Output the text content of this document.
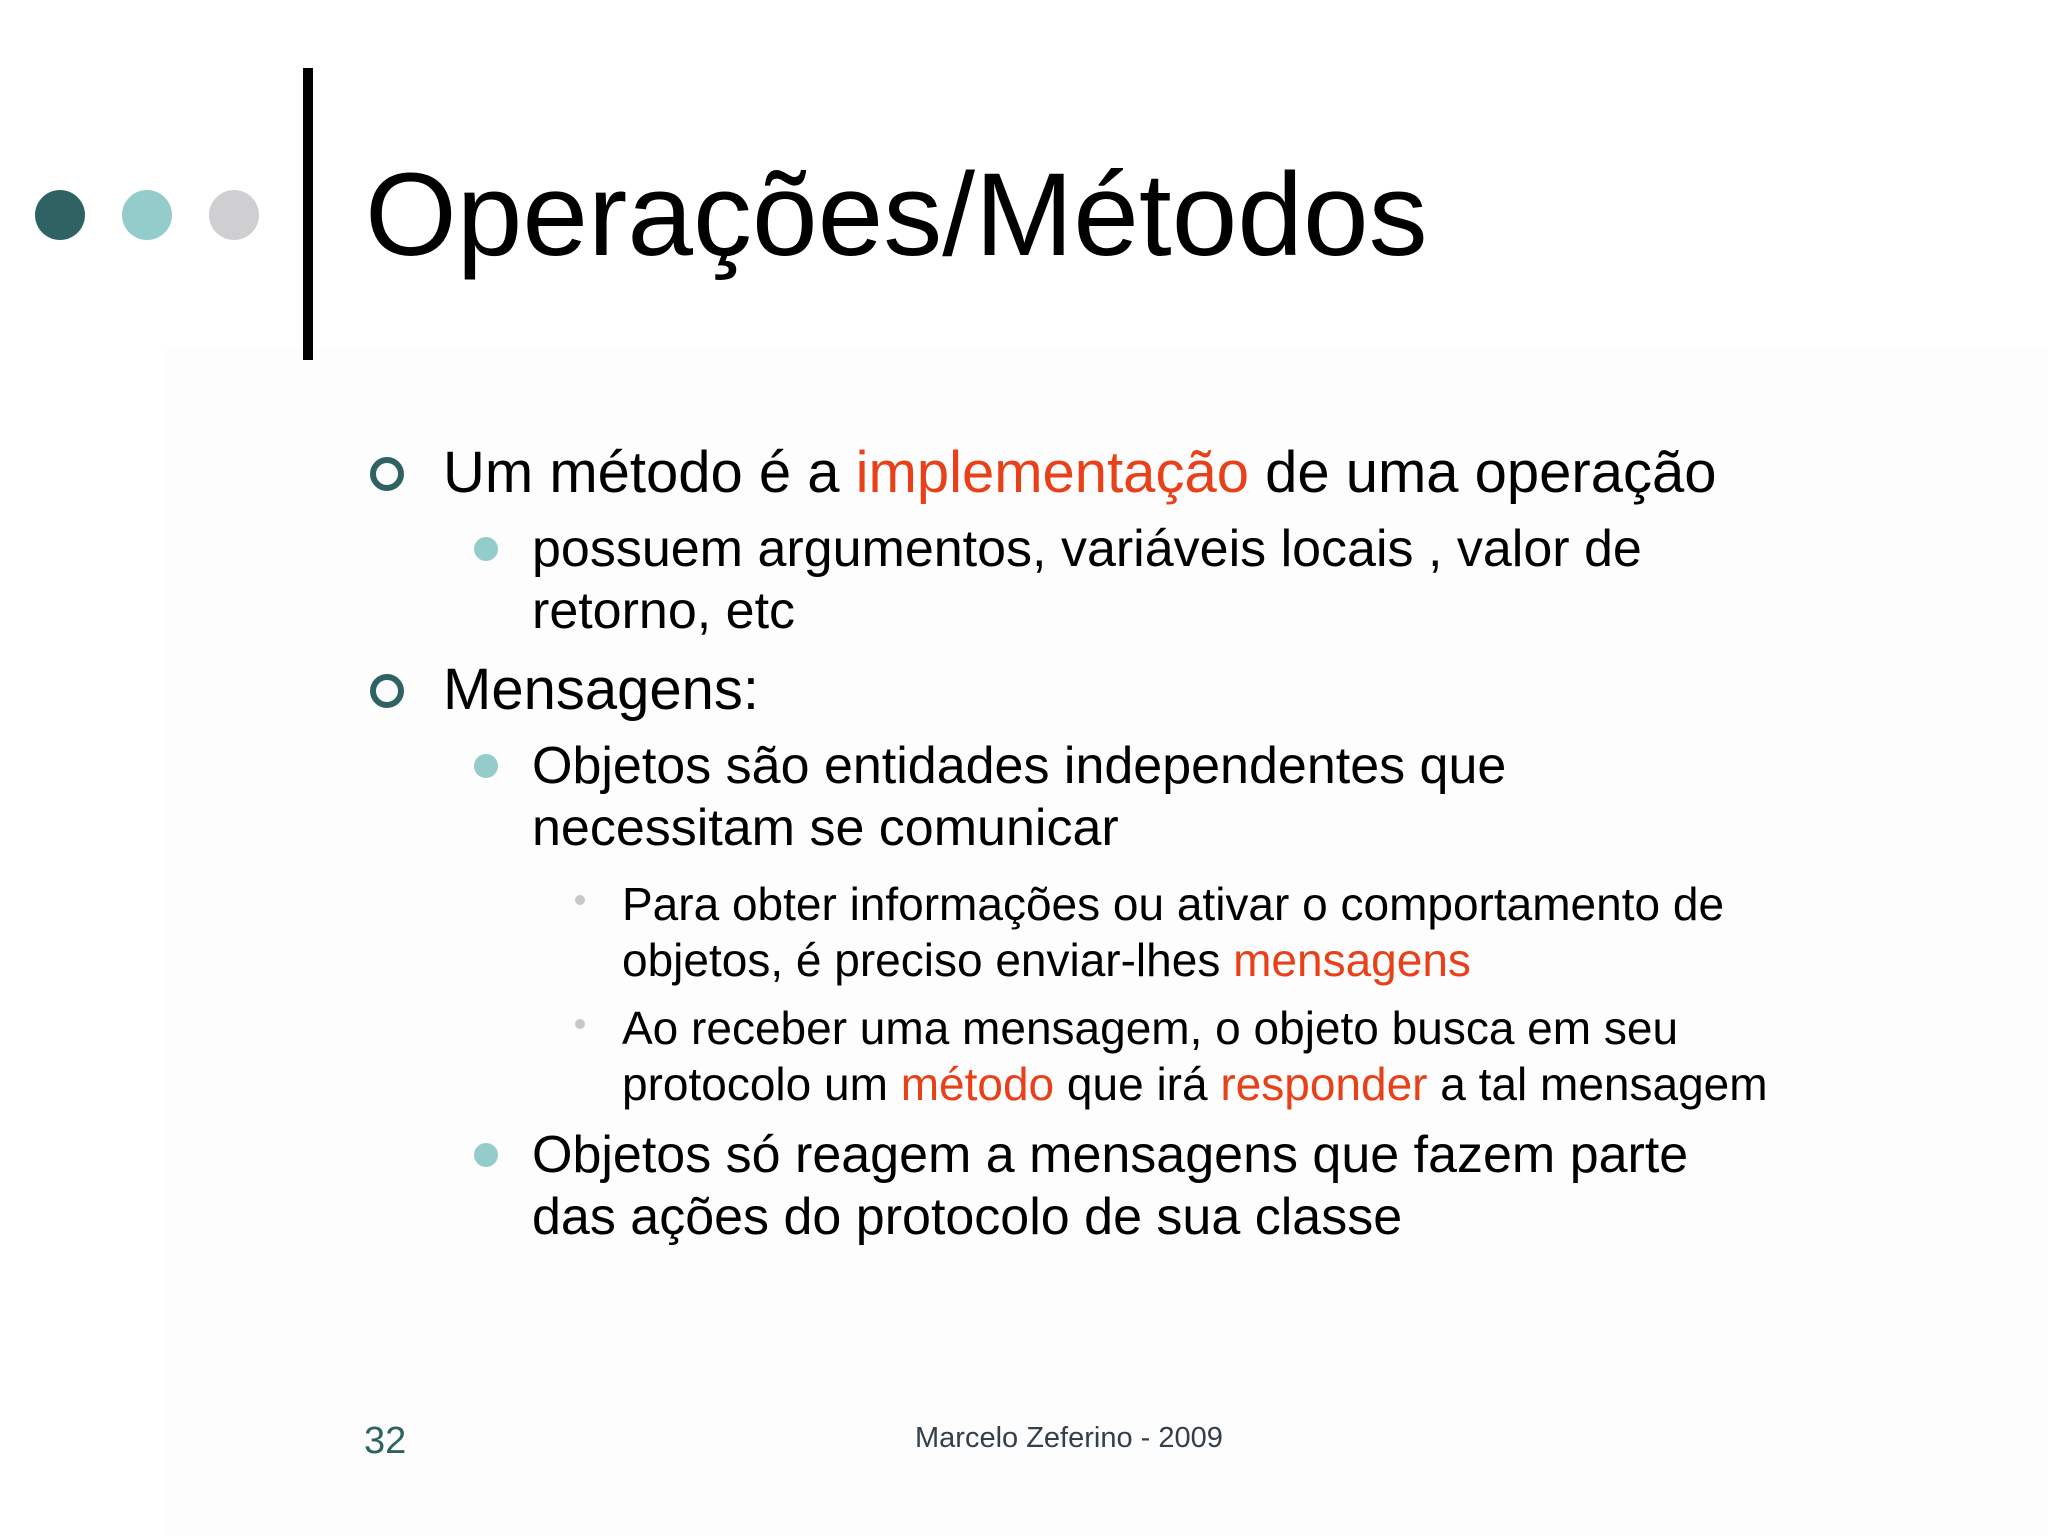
Operações/Métodos
Um método é a implementação de uma operação
possuem argumentos, variáveis locais , valor de
retorno, etc
Mensagens:
Objetos são entidades independentes que
necessitam se comunicar
Para obter informações ou ativar o comportamento de
objetos, é preciso enviar-lhes mensagens
Ao receber uma mensagem, o objeto busca em seu
protocolo um método que irá responder a tal mensagem
Objetos só reagem a mensagens que fazem parte
das ações do protocolo de sua classe
32	Marcelo Zeferino - 2009
